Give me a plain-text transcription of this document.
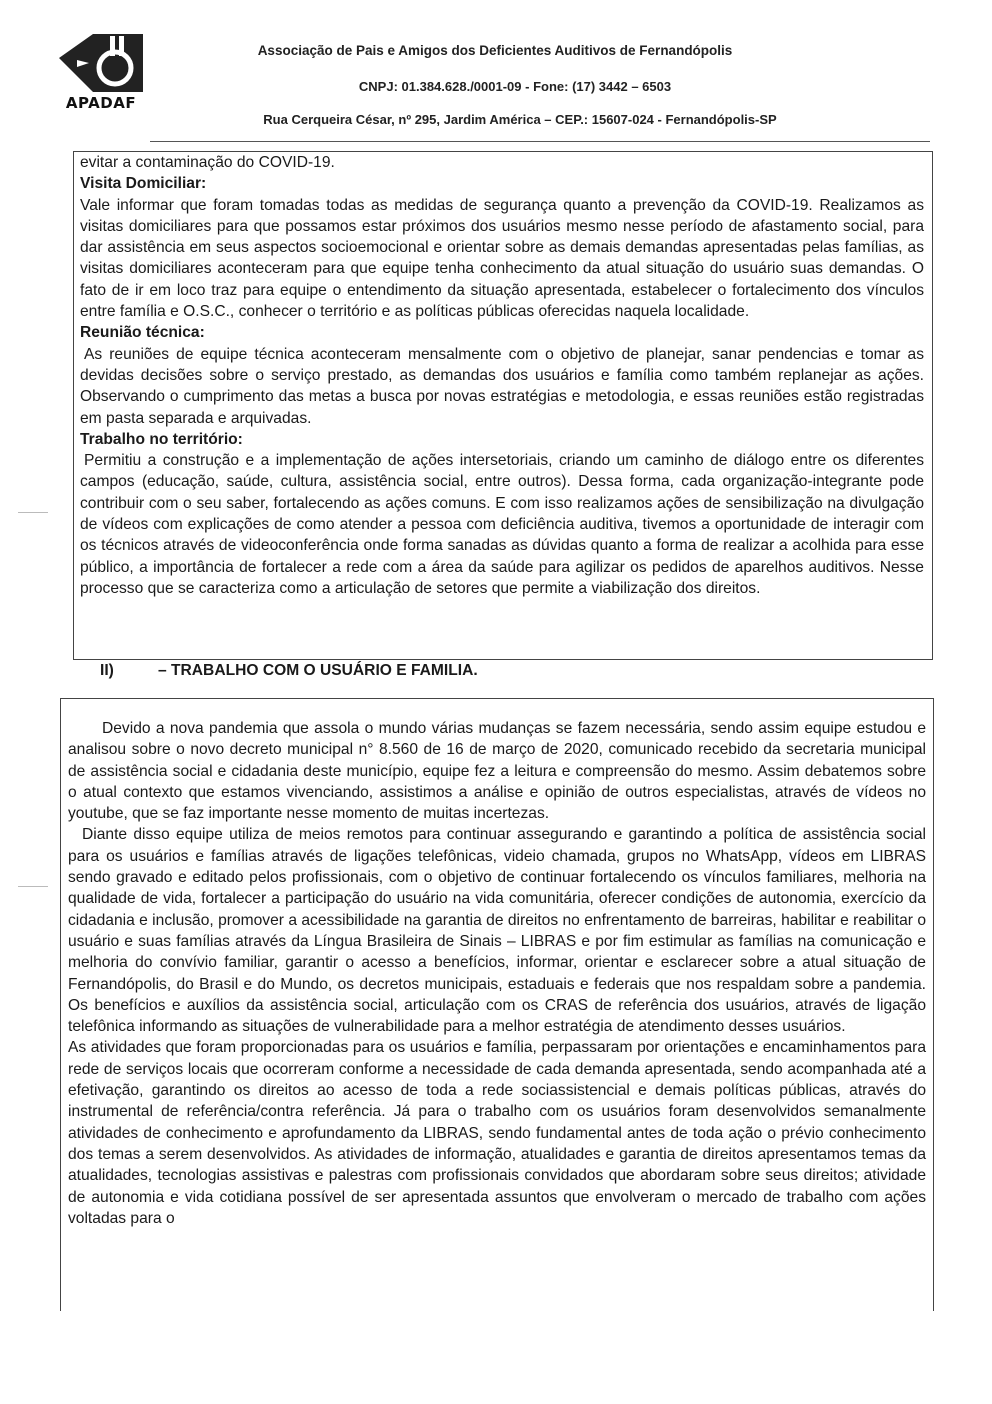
APADAF
Associação de Pais e Amigos dos Deficientes Auditivos de Fernandópolis
CNPJ: 01.384.628./0001-09 - Fone: (17) 3442 – 6503
Rua Cerqueira César, nº 295, Jardim América – CEP.: 15607-024 - Fernandópolis-SP

evitar a contaminação do COVID-19.

Visita Domiciliar:

Vale informar que foram tomadas todas as medidas de segurança quanto a prevenção da COVID-19. Realizamos as visitas domiciliares para que possamos estar próximos dos usuários mesmo nesse período de afastamento social, para dar assistência em seus aspectos socioemocional e orientar sobre as demais demandas apresentadas pelas famílias, as visitas domiciliares aconteceram para que equipe tenha conhecimento da atual situação do usuário suas demandas. O fato de ir em loco traz para equipe o entendimento da situação apresentada, estabelecer o fortalecimento dos vínculos entre família e O.S.C., conhecer o território e as políticas públicas oferecidas naquela localidade.

Reunião técnica:

As reuniões de equipe técnica aconteceram mensalmente com o objetivo de planejar, sanar pendencias e tomar as devidas decisões sobre o serviço prestado, as demandas dos usuários e família como também replanejar as ações. Observando o cumprimento das metas a busca por novas estratégias e metodologia, e essas reuniões estão registradas em pasta separada e arquivadas.

Trabalho no território:

Permitiu a construção e a implementação de ações intersetoriais, criando um caminho de diálogo entre os diferentes campos (educação, saúde, cultura, assistência social, entre outros). Dessa forma, cada organização-integrante pode contribuir com o seu saber, fortalecendo as ações comuns. E com isso realizamos ações de sensibilização na divulgação de vídeos com explicações de como atender a pessoa com deficiência auditiva, tivemos a oportunidade de interagir com os técnicos através de videoconferência onde forma sanadas as dúvidas quanto a forma de realizar a acolhida para esse público, a importância de fortalecer a rede com a área da saúde para agilizar os pedidos de aparelhos auditivos. Nesse processo que se caracteriza como a articulação de setores que permite a viabilização dos direitos.

II)	– TRABALHO COM O USUÁRIO E FAMILIA.

Devido a nova pandemia que assola o mundo várias mudanças se fazem necessária, sendo assim equipe estudou e analisou sobre o novo decreto municipal n° 8.560 de 16 de março de 2020, comunicado recebido da secretaria municipal de assistência social e cidadania deste município, equipe fez a leitura e compreensão do mesmo. Assim debatemos sobre o atual contexto que estamos vivenciando, assistimos a análise e opinião de outros especialistas, através de vídeos no youtube, que se faz importante nesse momento de muitas incertezas.

Diante disso equipe utiliza de meios remotos para continuar assegurando e garantindo a política de assistência social para os usuários e famílias através de ligações telefônicas, videio chamada, grupos no WhatsApp, vídeos em LIBRAS sendo gravado e editado pelos profissionais, com o objetivo de continuar fortalecendo os vínculos familiares, melhoria na qualidade de vida, fortalecer a participação do usuário na vida comunitária, oferecer condições de autonomia, exercício da cidadania e inclusão, promover a acessibilidade na garantia de direitos no enfrentamento de barreiras, habilitar e reabilitar o usuário e suas famílias através da Língua Brasileira de Sinais – LIBRAS e por fim estimular as famílias na comunicação e melhoria do convívio familiar, garantir o acesso a benefícios, informar, orientar e esclarecer sobre a atual situação de Fernandópolis, do Brasil e do Mundo, os decretos municipais, estaduais e federais que nos respaldam sobre a pandemia. Os benefícios e auxílios da assistência social, articulação com os CRAS de referência dos usuários, através de ligação telefônica informando as situações de vulnerabilidade para a melhor estratégia de atendimento desses usuários.

As atividades que foram proporcionadas para os usuários e família, perpassaram por orientações e encaminhamentos para rede de serviços locais que ocorreram conforme a necessidade de cada demanda apresentada, sendo acompanhada até a efetivação, garantindo os direitos ao acesso de toda a rede sociassistencial e demais políticas públicas, através do instrumental de referência/contra referência. Já para o trabalho com os usuários foram desenvolvidos semanalmente atividades de conhecimento e aprofundamento da LIBRAS, sendo fundamental antes de toda ação o prévio conhecimento dos temas a serem desenvolvidos. As atividades de informação, atualidades e garantia de direitos apresentamos temas da atualidades, tecnologias assistivas e palestras com profissionais convidados que abordaram sobre seus direitos; atividade de autonomia e vida cotidiana possível de ser apresentada assuntos que envolveram o mercado de trabalho com ações voltadas para o
